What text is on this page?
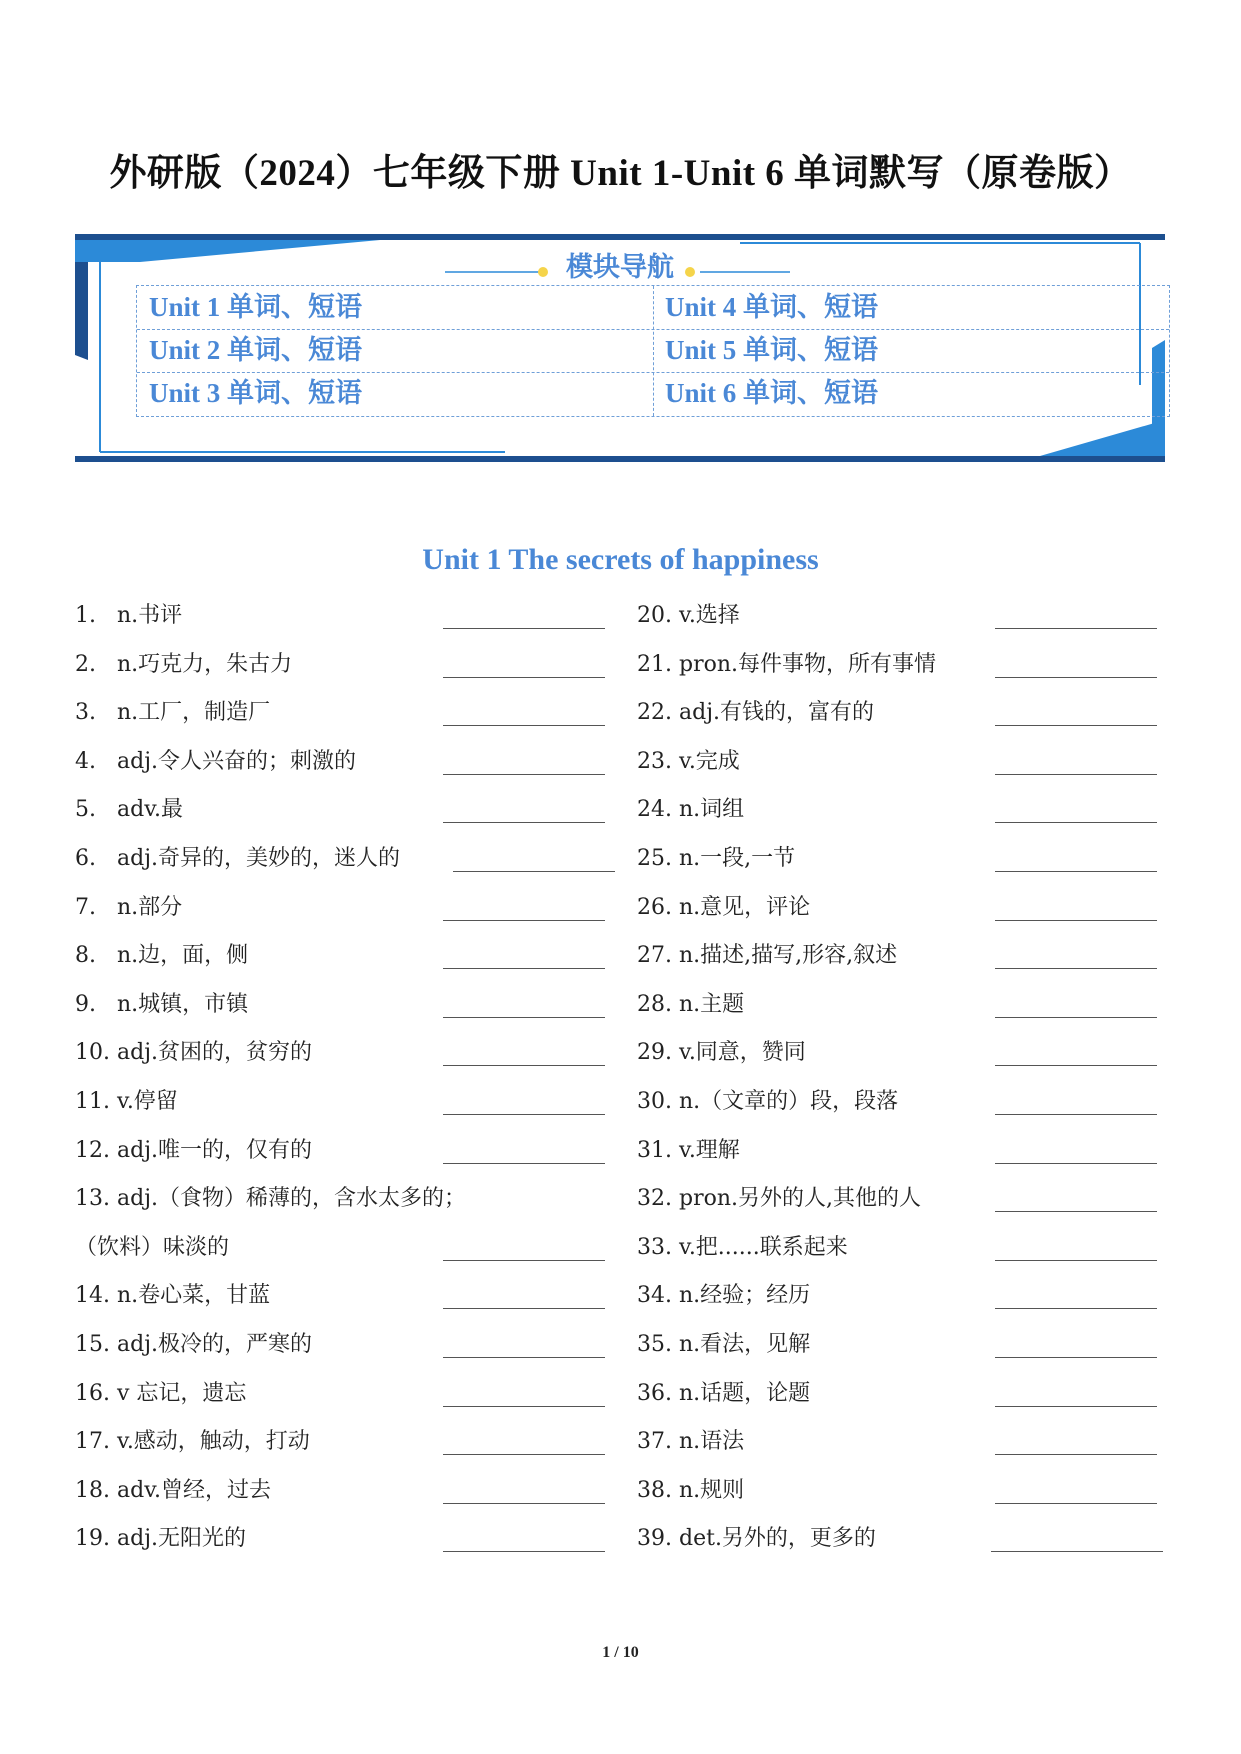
外研版（2024）七年级下册 Unit 1-Unit 6 单词默写（原卷版）
模块导航
Unit 1 单词、短语	Unit 4 单词、短语
Unit 2 单词、短语	Unit 5 单词、短语
Unit 3 单词、短语	Unit 6 单词、短语
Unit 1 The secrets of happiness
1. n.书评
2. n.巧克力，朱古力
3. n.工厂，制造厂
4. adj.令人兴奋的；刺激的
5. adv.最
6. adj.奇异的，美妙的，迷人的
7. n.部分
8. n.边，面，侧
9. n.城镇，市镇
10. adj.贫困的，贫穷的
11. v.停留
12. adj.唯一的，仅有的
13. adj.（食物）稀薄的，含水太多的；
（饮料）味淡的
14. n.卷心菜，甘蓝
15. adj.极冷的，严寒的
16. v 忘记，遗忘
17. v.感动，触动，打动
18. adv.曾经，过去
19. adj.无阳光的
20. v.选择
21. pron.每件事物，所有事情
22. adj.有钱的，富有的
23. v.完成
24. n.词组
25. n.一段,一节
26. n.意见，评论
27. n.描述,描写,形容,叙述
28. n.主题
29. v.同意，赞同
30. n.（文章的）段，段落
31. v.理解
32. pron.另外的人,其他的人
33. v.把......联系起来
34. n.经验；经历
35. n.看法，见解
36. n.话题，论题
37. n.语法
38. n.规则
39. det.另外的，更多的
1 / 10
